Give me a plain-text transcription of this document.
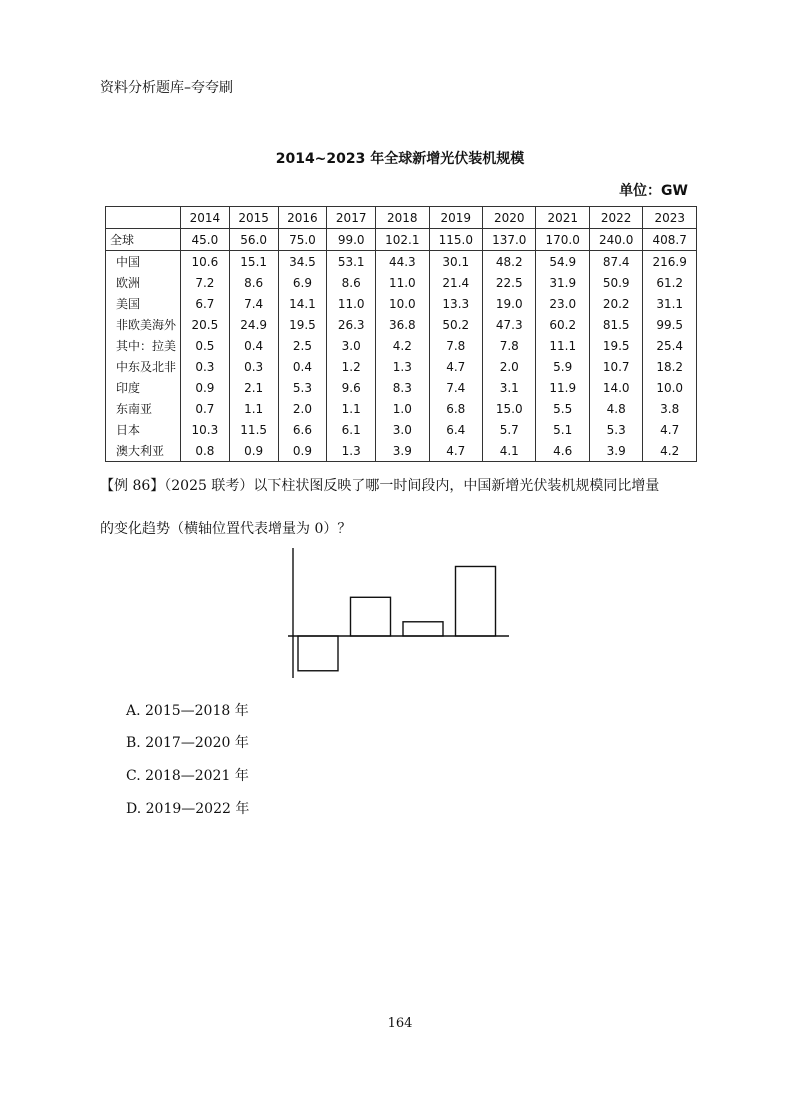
资料分析题库–夸夸刷
2014~2023 年全球新增光伏装机规模
单位：GW
	2014	2015	2016	2017	2018	2019	2020	2021	2022	2023
全球	45.0	56.0	75.0	99.0	102.1	115.0	137.0	170.0	240.0	408.7
中国	10.6	15.1	34.5	53.1	44.3	30.1	48.2	54.9	87.4	216.9
欧洲	7.2	8.6	6.9	8.6	11.0	21.4	22.5	31.9	50.9	61.2
美国	6.7	7.4	14.1	11.0	10.0	13.3	19.0	23.0	20.2	31.1
非欧美海外	20.5	24.9	19.5	26.3	36.8	50.2	47.3	60.2	81.5	99.5
其中：拉美	0.5	0.4	2.5	3.0	4.2	7.8	7.8	11.1	19.5	25.4
中东及北非	0.3	0.3	0.4	1.2	1.3	4.7	2.0	5.9	10.7	18.2
印度	0.9	2.1	5.3	9.6	8.3	7.4	3.1	11.9	14.0	10.0
东南亚	0.7	1.1	2.0	1.1	1.0	6.8	15.0	5.5	4.8	3.8
日本	10.3	11.5	6.6	6.1	3.0	6.4	5.7	5.1	5.3	4.7
澳大利亚	0.8	0.9	0.9	1.3	3.9	4.7	4.1	4.6	3.9	4.2
【例 86】（2025 联考）以下柱状图反映了哪一时间段内，中国新增光伏装机规模同比增量
的变化趋势（横轴位置代表增量为 0）？
A. 2015—2018 年
B. 2017—2020 年
C. 2018—2021 年
D. 2019—2022 年
164
